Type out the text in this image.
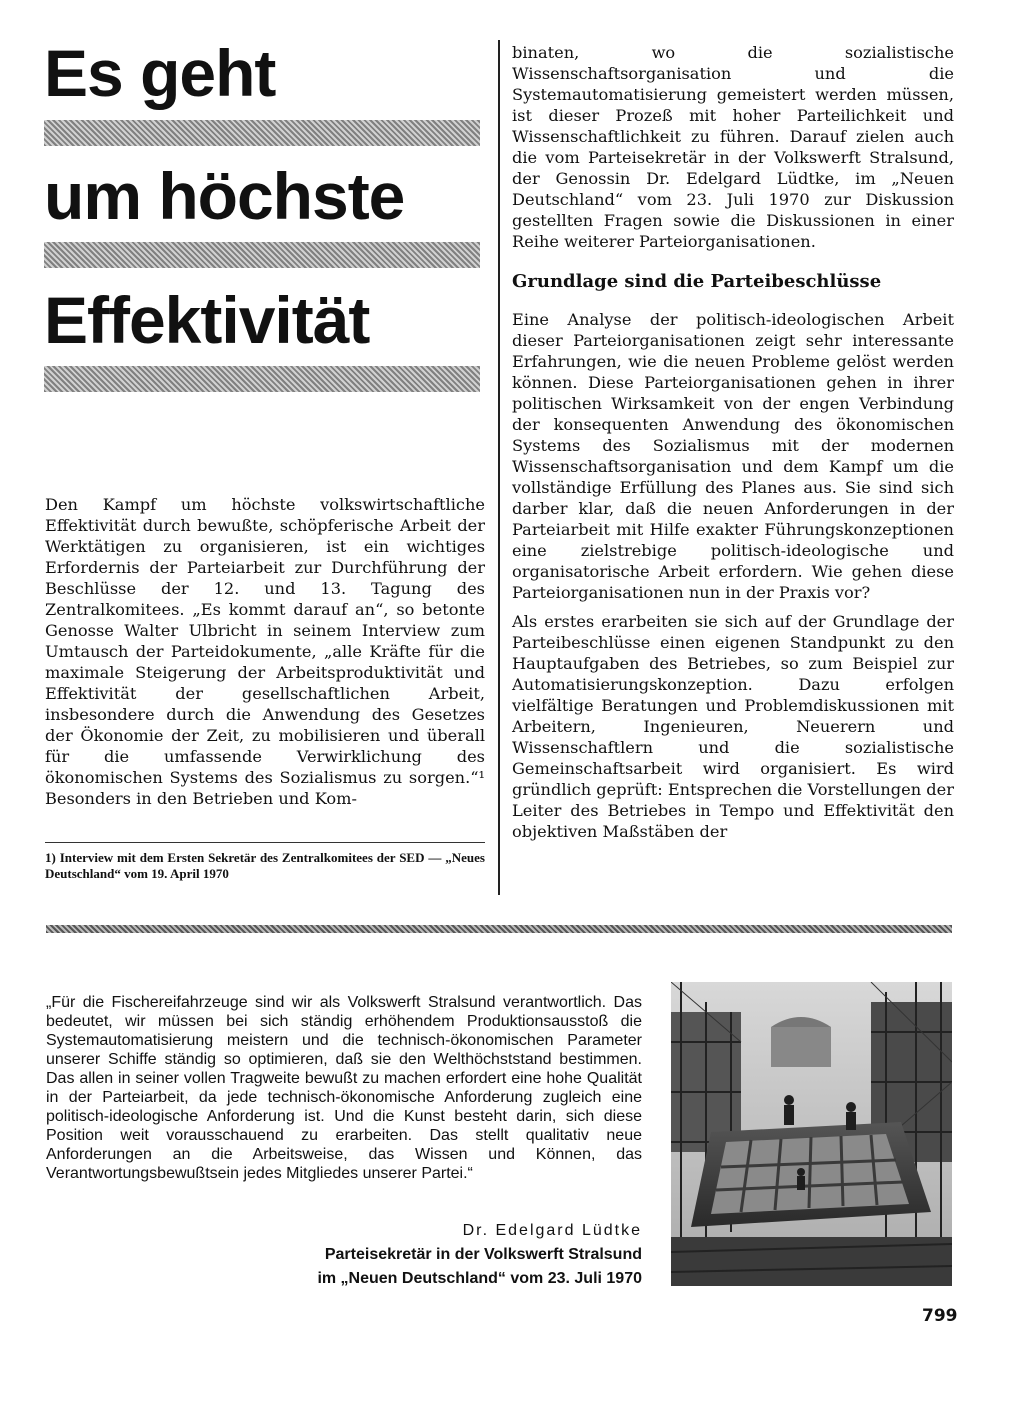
Es geht
um höchste
Effektivität

Den Kampf um höchste volkswirtschaftliche Effektivität durch bewußte, schöpferische Arbeit der Werktätigen zu organisieren, ist ein wichtiges Erfordernis der Parteiarbeit zur Durchführung der Beschlüsse der 12. und 13. Tagung des Zentralkomitees. „Es kommt darauf an“, so betonte Genosse Walter Ulbricht in seinem Interview zum Umtausch der Parteidokumente, „alle Kräfte für die maximale Steigerung der Arbeitsproduktivität und Effektivität der gesellschaftlichen Arbeit, insbesondere durch die Anwendung des Gesetzes der Ökonomie der Zeit, zu mobilisieren und überall für die umfassende Verwirklichung des ökonomischen Systems des Sozialismus zu sorgen.“¹ Besonders in den Betrieben und Kom-

1) Interview mit dem Ersten Sekretär des Zentralkomitees der SED — „Neues Deutschland“ vom 19. April 1970

binaten, wo die sozialistische Wissenschaftsorganisation und die Systemautomatisierung gemeistert werden müssen, ist dieser Prozeß mit hoher Parteilichkeit und Wissenschaftlichkeit zu führen. Darauf zielen auch die vom Parteisekretär in der Volkswerft Stralsund, der Genossin Dr. Edelgard Lüdtke, im „Neuen Deutschland“ vom 23. Juli 1970 zur Diskussion gestellten Fragen sowie die Diskussionen in einer Reihe weiterer Parteiorganisationen.

Grundlage sind die Parteibeschlüsse

Eine Analyse der politisch-ideologischen Arbeit dieser Parteiorganisationen zeigt sehr interessante Erfahrungen, wie die neuen Probleme gelöst werden können. Diese Parteiorganisationen gehen in ihrer politischen Wirksamkeit von der engen Verbindung der konsequenten Anwendung des ökonomischen Systems des Sozialismus mit der modernen Wissenschaftsorganisation und dem Kampf um die vollständige Erfüllung des Planes aus. Sie sind sich darber klar, daß die neuen Anforderungen in der Parteiarbeit mit Hilfe exakter Führungskonzeptionen eine zielstrebige politisch-ideologische und organisatorische Arbeit erfordern. Wie gehen diese Parteiorganisationen nun in der Praxis vor?

Als erstes erarbeiten sie sich auf der Grundlage der Parteibeschlüsse einen eigenen Standpunkt zu den Hauptaufgaben des Betriebes, so zum Beispiel zur Automatisierungskonzeption. Dazu erfolgen vielfältige Beratungen und Problemdiskussionen mit Arbeitern, Ingenieuren, Neuerern und Wissenschaftlern und die sozialistische Gemeinschaftsarbeit wird organisiert. Es wird gründlich geprüft: Entsprechen die Vorstellungen der Leiter des Betriebes in Tempo und Effektivität den objektiven Maßstäben der

„Für die Fischereifahrzeuge sind wir als Volkswerft Stralsund verantwortlich. Das bedeutet, wir müssen bei sich ständig erhöhendem Produktionsausstoß die Systemautomatisierung meistern und die technisch-ökonomischen Parameter unserer Schiffe ständig so optimieren, daß sie den Welthöchststand bestimmen. Das allen in seiner vollen Tragweite bewußt zu machen erfordert eine hohe Qualität in der Parteiarbeit, da jede technisch-ökonomische Anforderung zugleich eine politisch-ideologische Anforderung ist. Und die Kunst besteht darin, sich diese Position weit vorausschauend zu erarbeiten. Das stellt qualitativ neue Anforderungen an die Arbeitsweise, das Wissen und Können, das Verantwortungsbewußtsein jedes Mitgliedes unserer Partei.“
Dr. Edelgard Lüdtke
Parteisekretär in der Volkswerft Stralsund
im „Neuen Deutschland“ vom 23. Juli 1970
799
